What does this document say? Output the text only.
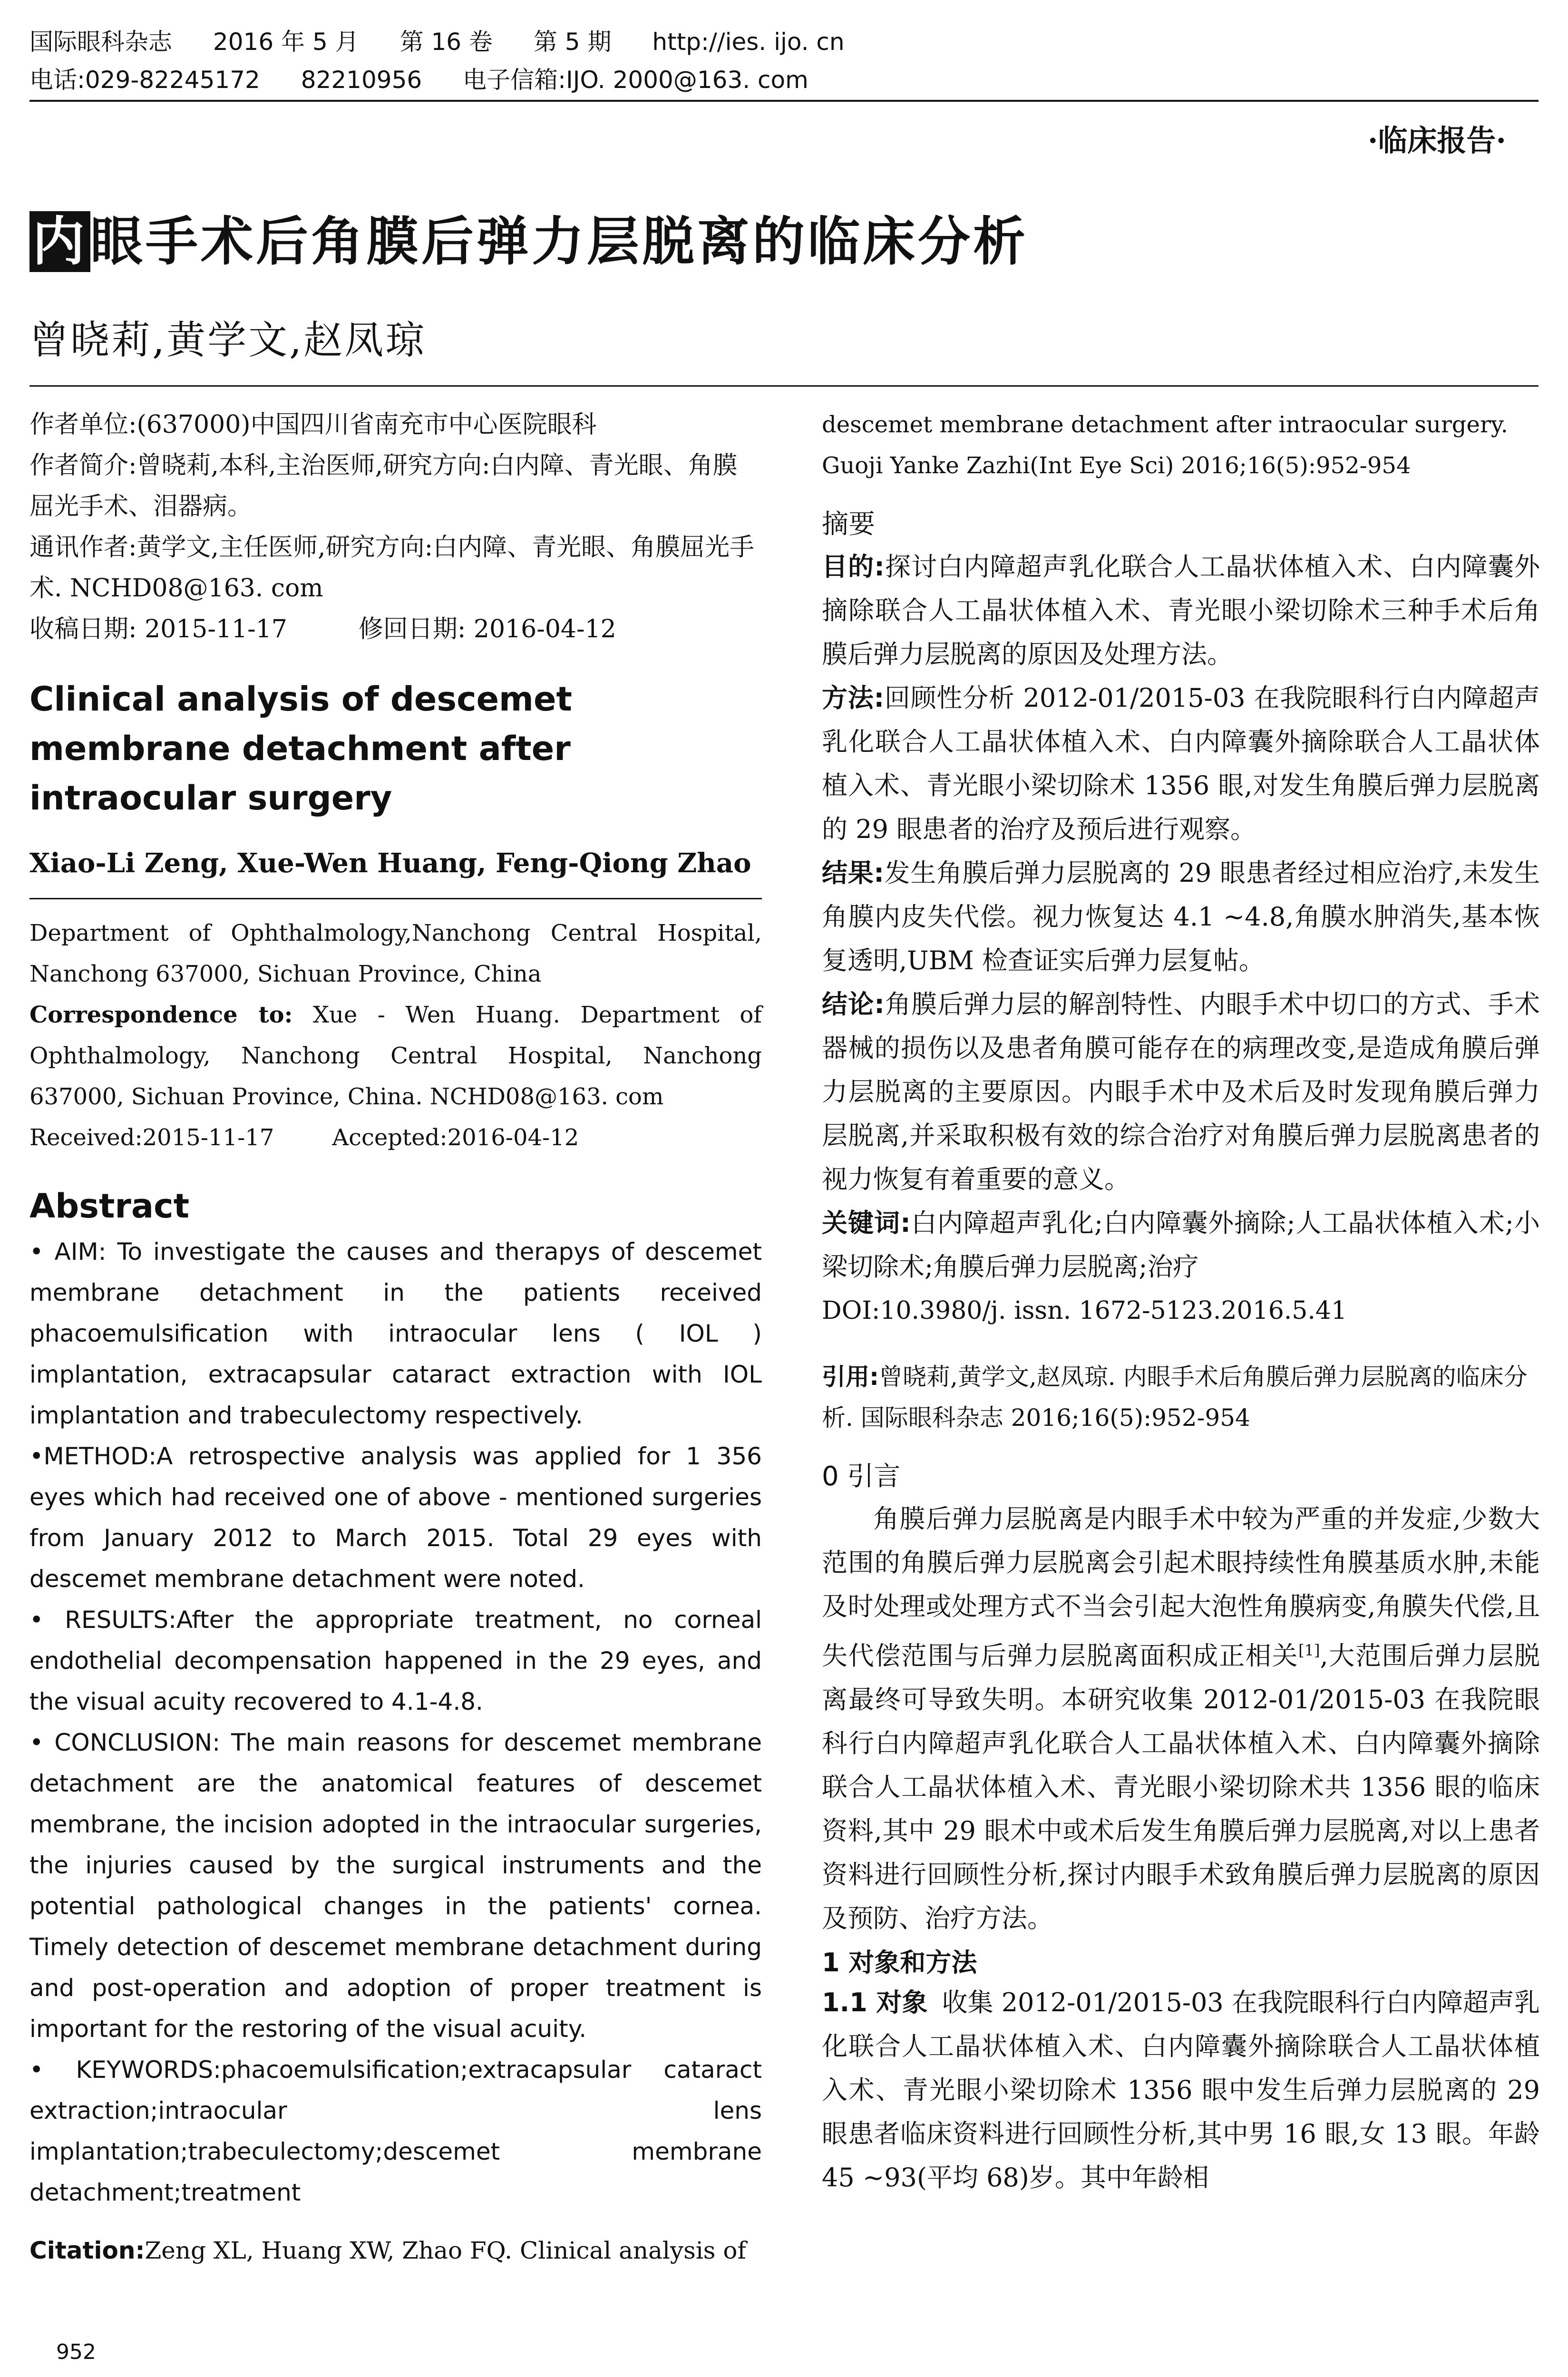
国际眼科杂志 2016 年 5 月 第 16 卷 第 5 期 http://ies. ijo. cn
电话:029-82245172 82210956 电子信箱:IJO. 2000@163. com
·临床报告·
内眼手术后角膜后弹力层脱离的临床分析
曾晓莉,黄学文,赵凤琼

作者单位:(637000)中国四川省南充市中心医院眼科

作者简介:曾晓莉,本科,主治医师,研究方向:白内障、青光眼、角膜屈光手术、泪器病。

通讯作者:黄学文,主任医师,研究方向:白内障、青光眼、角膜屈光手术. NCHD08@163. com

收稿日期: 2015-11-17	修回日期: 2016-04-12

Clinical analysis of descemet membrane detachment after intraocular surgery
Xiao-Li Zeng, Xue-Wen Huang, Feng-Qiong Zhao

Department of Ophthalmology,Nanchong Central Hospital, Nanchong 637000, Sichuan Province, China

Correspondence to: Xue - Wen Huang. Department of Ophthalmology, Nanchong Central Hospital, Nanchong 637000, Sichuan Province, China. NCHD08@163. com

Received:2015-11-17        Accepted:2016-04-12

Abstract

• AIM: To investigate the causes and therapys of descemet membrane detachment in the patients received phacoemulsification with intraocular lens ( IOL ) implantation, extracapsular cataract extraction with IOL implantation and trabeculectomy respectively.

•METHOD:A retrospective analysis was applied for 1 356 eyes which had received one of above - mentioned surgeries from January 2012 to March 2015. Total 29 eyes with descemet membrane detachment were noted.

• RESULTS:After the appropriate treatment, no corneal endothelial decompensation happened in the 29 eyes, and the visual acuity recovered to 4.1-4.8.

• CONCLUSION: The main reasons for descemet membrane detachment are the anatomical features of descemet membrane, the incision adopted in the intraocular surgeries, the injuries caused by the surgical instruments and the potential pathological changes in the patients' cornea. Timely detection of descemet membrane detachment during and post-operation and adoption of proper treatment is important for the restoring of the visual acuity.

• KEYWORDS:phacoemulsification;extracapsular cataract extraction;intraocular lens implantation;trabeculectomy;descemet membrane detachment;treatment

Citation:Zeng XL, Huang XW, Zhao FQ. Clinical analysis of
952

descemet membrane detachment after intraocular surgery. Guoji Yanke Zazhi(Int Eye Sci) 2016;16(5):952-954

摘要

目的:探讨白内障超声乳化联合人工晶状体植入术、白内障囊外摘除联合人工晶状体植入术、青光眼小梁切除术三种手术后角膜后弹力层脱离的原因及处理方法。

方法:回顾性分析 2012-01/2015-03 在我院眼科行白内障超声乳化联合人工晶状体植入术、白内障囊外摘除联合人工晶状体植入术、青光眼小梁切除术 1356 眼,对发生角膜后弹力层脱离的 29 眼患者的治疗及预后进行观察。

结果:发生角膜后弹力层脱离的 29 眼患者经过相应治疗,未发生角膜内皮失代偿。视力恢复达 4.1 ~4.8,角膜水肿消失,基本恢复透明,UBM 检查证实后弹力层复帖。

结论:角膜后弹力层的解剖特性、内眼手术中切口的方式、手术器械的损伤以及患者角膜可能存在的病理改变,是造成角膜后弹力层脱离的主要原因。内眼手术中及术后及时发现角膜后弹力层脱离,并采取积极有效的综合治疗对角膜后弹力层脱离患者的视力恢复有着重要的意义。

关键词:白内障超声乳化;白内障囊外摘除;人工晶状体植入术;小梁切除术;角膜后弹力层脱离;治疗

DOI:10.3980/j. issn. 1672-5123.2016.5.41

引用:曾晓莉,黄学文,赵凤琼. 内眼手术后角膜后弹力层脱离的临床分析. 国际眼科杂志 2016;16(5):952-954

0 引言

角膜后弹力层脱离是内眼手术中较为严重的并发症,少数大范围的角膜后弹力层脱离会引起术眼持续性角膜基质水肿,未能及时处理或处理方式不当会引起大泡性角膜病变,角膜失代偿,且失代偿范围与后弹力层脱离面积成正相关[1],大范围后弹力层脱离最终可导致失明。本研究收集 2012-01/2015-03 在我院眼科行白内障超声乳化联合人工晶状体植入术、白内障囊外摘除联合人工晶状体植入术、青光眼小梁切除术共 1356 眼的临床资料,其中 29 眼术中或术后发生角膜后弹力层脱离,对以上患者资料进行回顾性分析,探讨内眼手术致角膜后弹力层脱离的原因及预防、治疗方法。

1 对象和方法

1.1 对象 收集 2012-01/2015-03 在我院眼科行白内障超声乳化联合人工晶状体植入术、白内障囊外摘除联合人工晶状体植入术、青光眼小梁切除术 1356 眼中发生后弹力层脱离的 29 眼患者临床资料进行回顾性分析,其中男 16 眼,女 13 眼。年龄 45 ~93(平均 68)岁。其中年龄相
